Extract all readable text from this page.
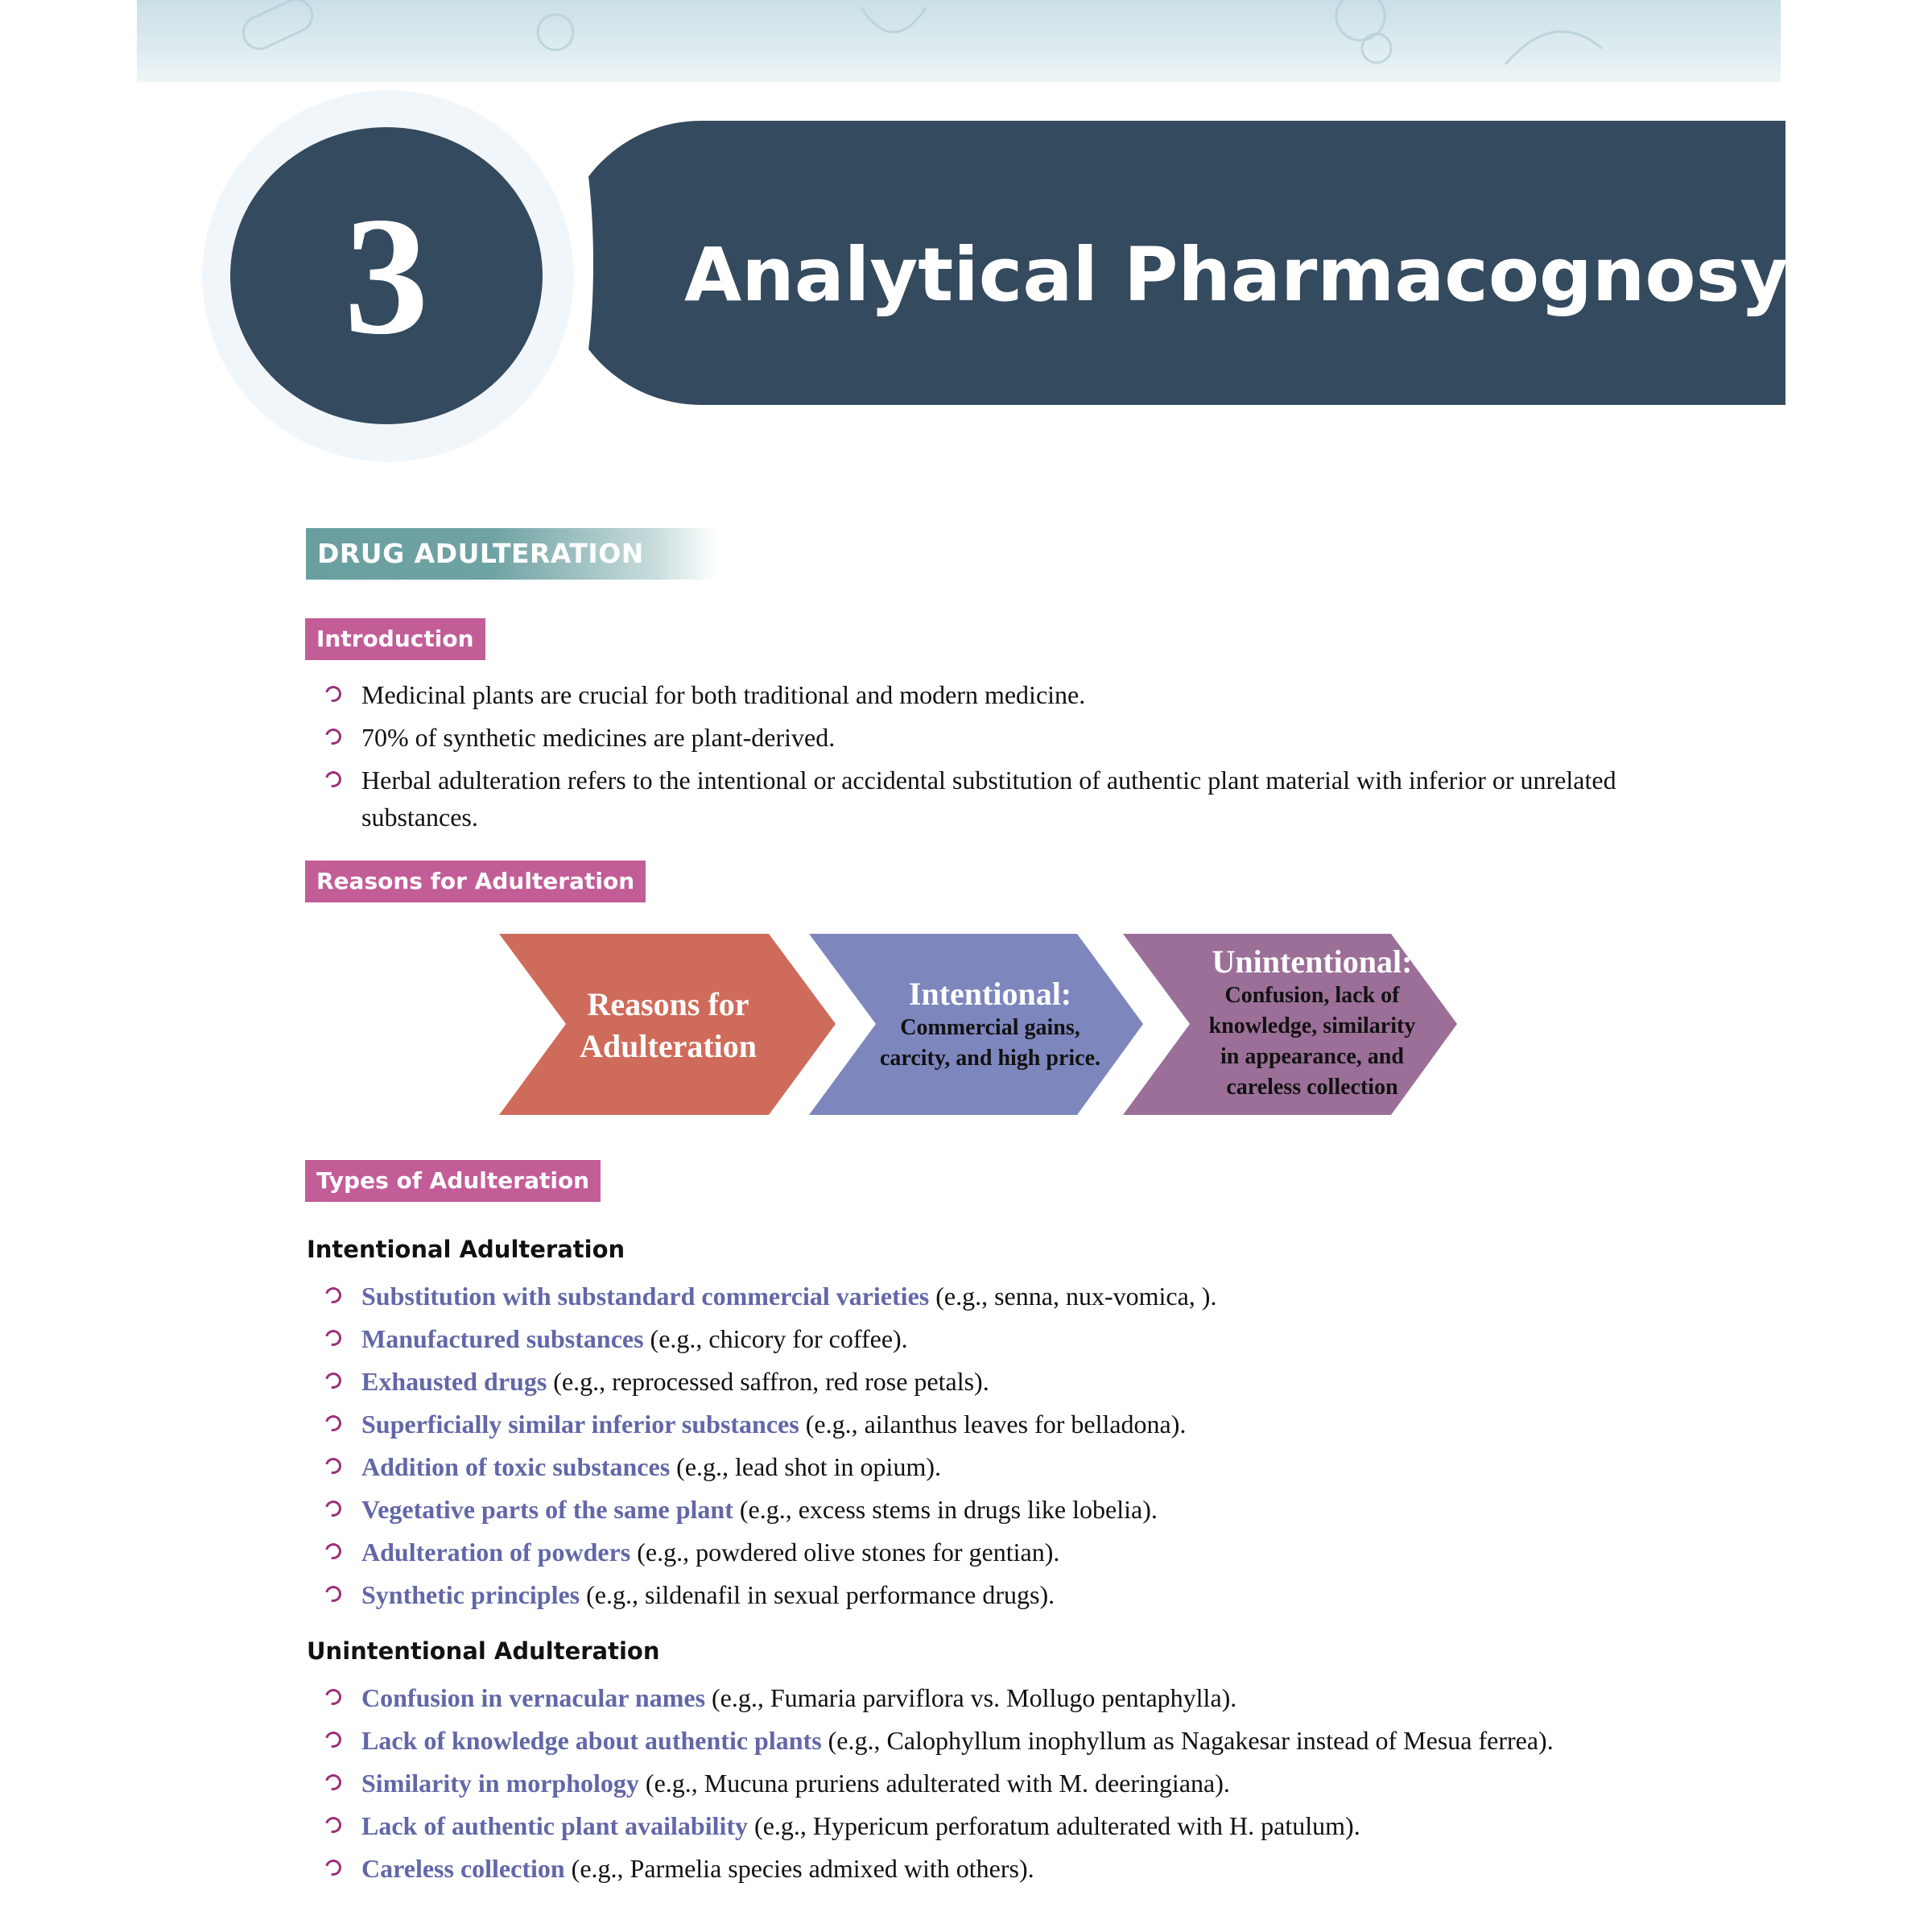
3	Analytical Pharmacognosy
DRUG ADULTERATION
Introduction
Medicinal plants are crucial for both traditional and modern medicine.
70% of synthetic medicines are plant-derived.
Herbal adulteration refers to the intentional or accidental substitution of authentic plant material with inferior or unrelated substances.
Reasons for Adulteration
Reasons for
Adulteration
Intentional:
Commercial gains,
carcity, and high price.
Unintentional:
Confusion, lack of
knowledge, similarity
in appearance, and
careless collection
Types of Adulteration
Intentional Adulteration
Substitution with substandard commercial varieties (e.g., senna, nux-vomica, ).
Manufactured substances (e.g., chicory for coffee).
Exhausted drugs (e.g., reprocessed saffron, red rose petals).
Superficially similar inferior substances (e.g., ailanthus leaves for belladona).
Addition of toxic substances (e.g., lead shot in opium).
Vegetative parts of the same plant (e.g., excess stems in drugs like lobelia).
Adulteration of powders (e.g., powdered olive stones for gentian).
Synthetic principles (e.g., sildenafil in sexual performance drugs).
Unintentional Adulteration
Confusion in vernacular names (e.g., Fumaria parviflora vs. Mollugo pentaphylla).
Lack of knowledge about authentic plants (e.g., Calophyllum inophyllum as Nagakesar instead of Mesua ferrea).
Similarity in morphology (e.g., Mucuna pruriens adulterated with M. deeringiana).
Lack of authentic plant availability (e.g., Hypericum perforatum adulterated with H. patulum).
Careless collection (e.g., Parmelia species admixed with others).
